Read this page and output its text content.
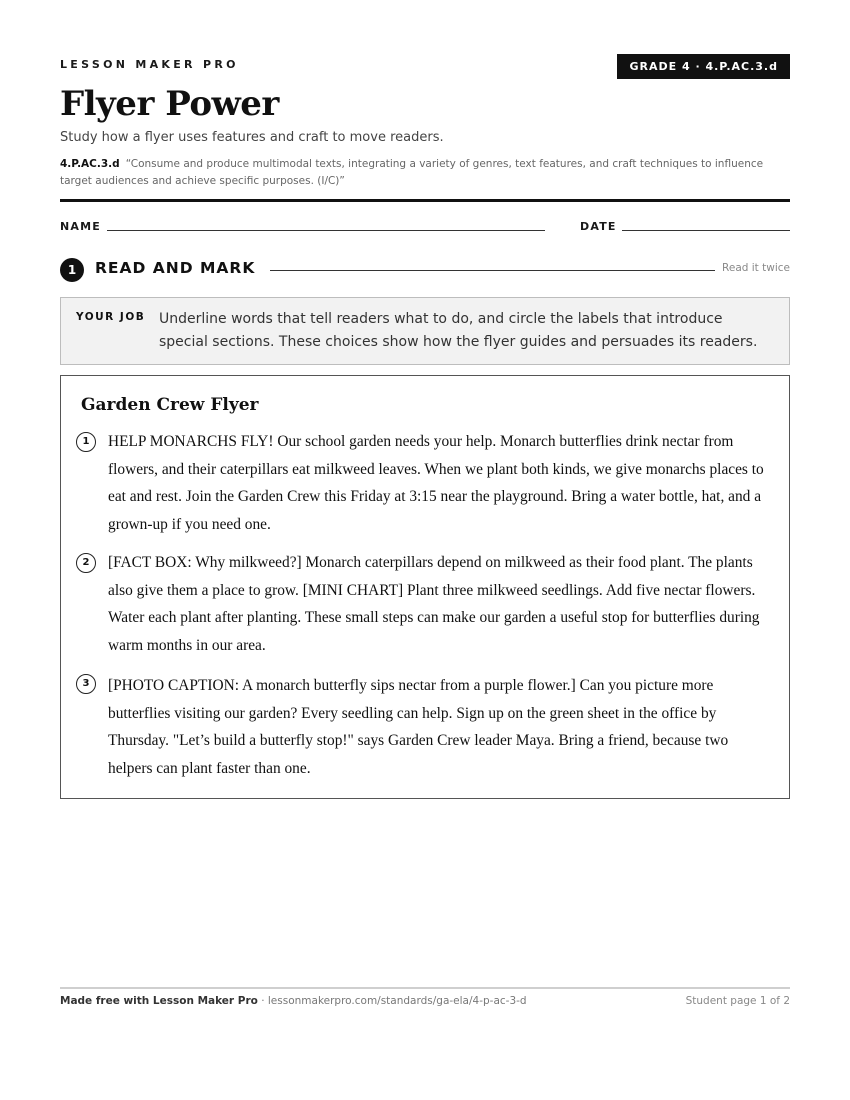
LESSON MAKER PRO	GRADE 4 · 4.P.AC.3.d
Flyer Power
Study how a flyer uses features and craft to move readers.
4.P.AC.3.d “Consume and produce multimodal texts, integrating a variety of genres, text features, and craft techniques to influence target audiences and achieve specific purposes. (I/C)”
NAME	DATE
1	READ AND MARK	Read it twice
YOUR JOB Underline words that tell readers what to do, and circle the labels that introduce special sections. These choices show how the flyer guides and persuades its readers.
Garden Crew Flyer
1	HELP MONARCHS FLY! Our school garden needs your help. Monarch butterflies drink nectar from flowers, and their caterpillars eat milkweed leaves. When we plant both kinds, we give monarchs places to eat and rest. Join the Garden Crew this Friday at 3:15 near the playground. Bring a water bottle, hat, and a grown-up if you need one.
2	[FACT BOX: Why milkweed?] Monarch caterpillars depend on milkweed as their food plant. The plants also give them a place to grow. [MINI CHART] Plant three milkweed seedlings. Add five nectar flowers. Water each plant after planting. These small steps can make our garden a useful stop for butterflies during warm months in our area.
3	[PHOTO CAPTION: A monarch butterfly sips nectar from a purple flower.] Can you picture more butterflies visiting our garden? Every seedling can help. Sign up on the green sheet in the office by Thursday. "Let’s build a butterfly stop!" says Garden Crew leader Maya. Bring a friend, because two helpers can plant faster than one.
Made free with Lesson Maker Pro · lessonmakerpro.com/standards/ga-ela/4-p-ac-3-d	Student page 1 of 2
